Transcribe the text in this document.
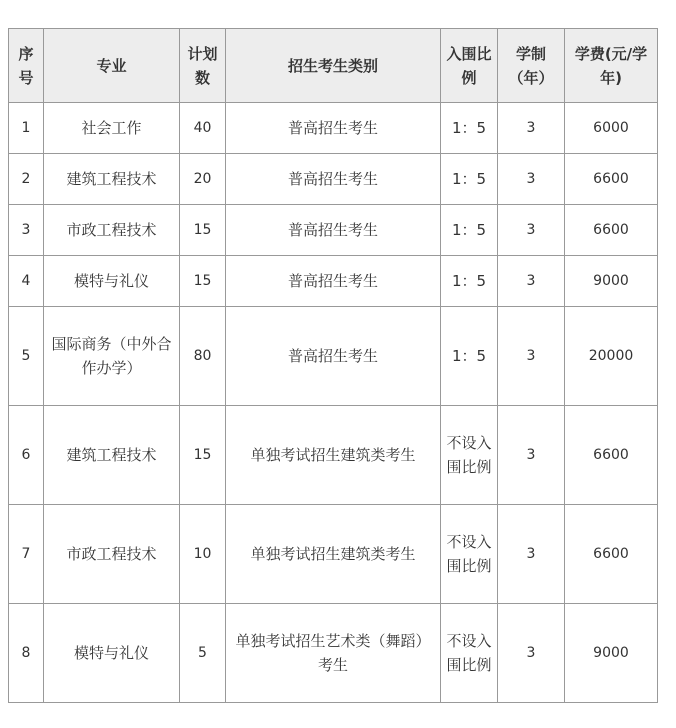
序号	专业	计划数	招生考生类别	入围比例	学制（年）	学费(元/学年)
1	社会工作	40	普高招生考生	1：5	3	6000
2	建筑工程技术	20	普高招生考生	1：5	3	6600
3	市政工程技术	15	普高招生考生	1：5	3	6600
4	模特与礼仪	15	普高招生考生	1：5	3	9000
5	国际商务（中外合作办学）	80	普高招生考生	1：5	3	20000
6	建筑工程技术	15	单独考试招生建筑类考生	不设入围比例	3	6600
7	市政工程技术	10	单独考试招生建筑类考生	不设入围比例	3	6600
8	模特与礼仪	5	单独考试招生艺术类（舞蹈）考生	不设入围比例	3	9000
